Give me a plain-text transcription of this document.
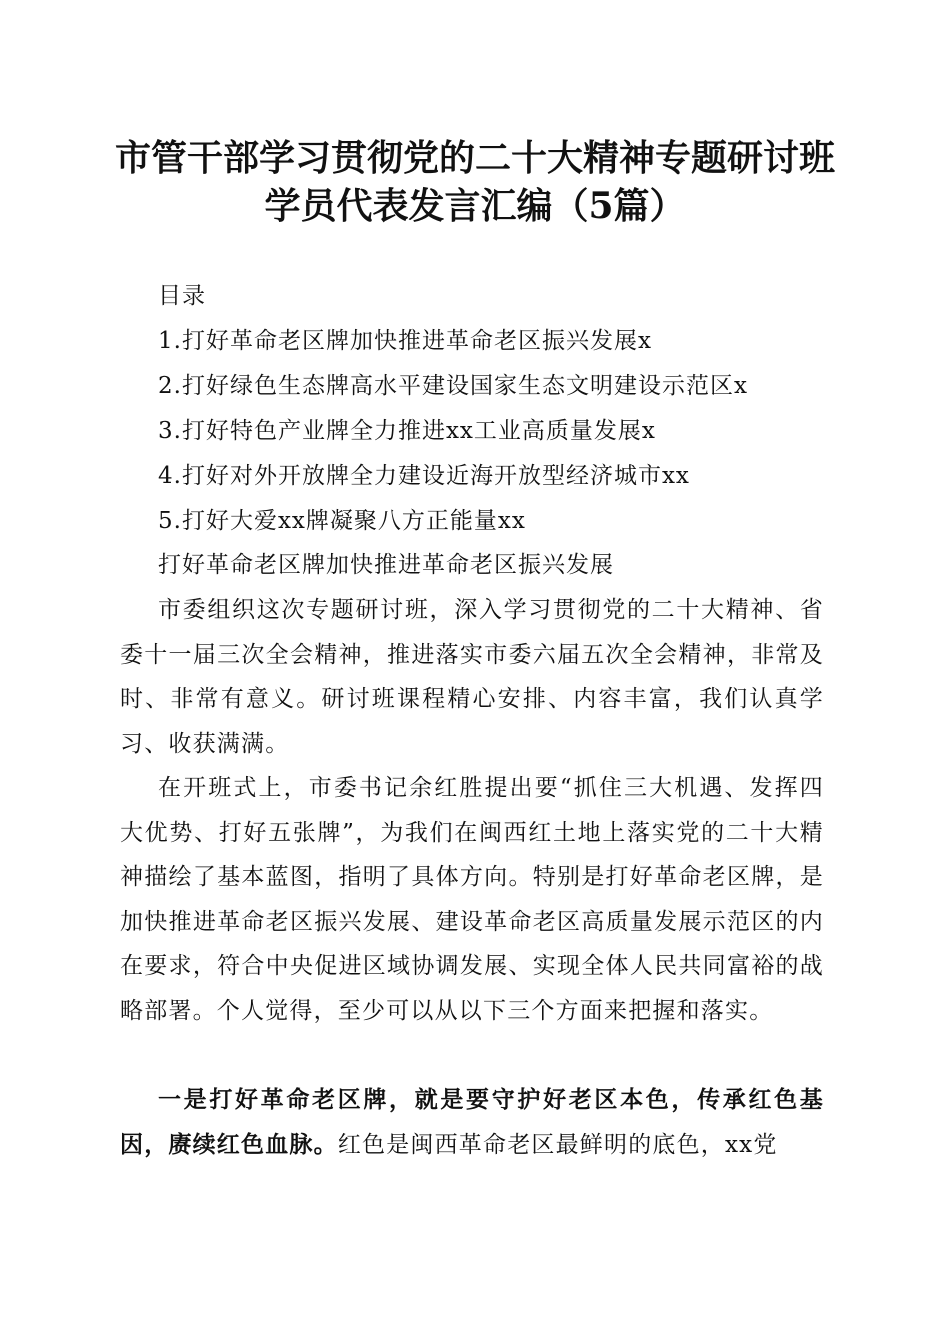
市管干部学习贯彻党的二十大精神专题研讨班
学员代表发言汇编（5篇）
目录
1.打好革命老区牌加快推进革命老区振兴发展x
2.打好绿色生态牌高水平建设国家生态文明建设示范区x
3.打好特色产业牌全力推进xx工业高质量发展x
4.打好对外开放牌全力建设近海开放型经济城市xx
5.打好大爱xx牌凝聚八方正能量xx
打好革命老区牌加快推进革命老区振兴发展

市委组织这次专题研讨班，深入学习贯彻党的二十大精神、省委十一届三次全会精神，推进落实市委六届五次全会精神，非常及时、非常有意义。研讨班课程精心安排、内容丰富，我们认真学习、收获满满。

在开班式上，市委书记余红胜提出要“抓住三大机遇、发挥四大优势、打好五张牌”，为我们在闽西红土地上落实党的二十大精神描绘了基本蓝图，指明了具体方向。特别是打好革命老区牌，是加快推进革命老区振兴发展、建设革命老区高质量发展示范区的内在要求，符合中央促进区域协调发展、实现全体人民共同富裕的战略部署。个人觉得，至少可以从以下三个方面来把握和落实。

一是打好革命老区牌，就是要守护好老区本色，传承红色基因，赓续红色血脉。红色是闽西革命老区最鲜明的底色，xx党
